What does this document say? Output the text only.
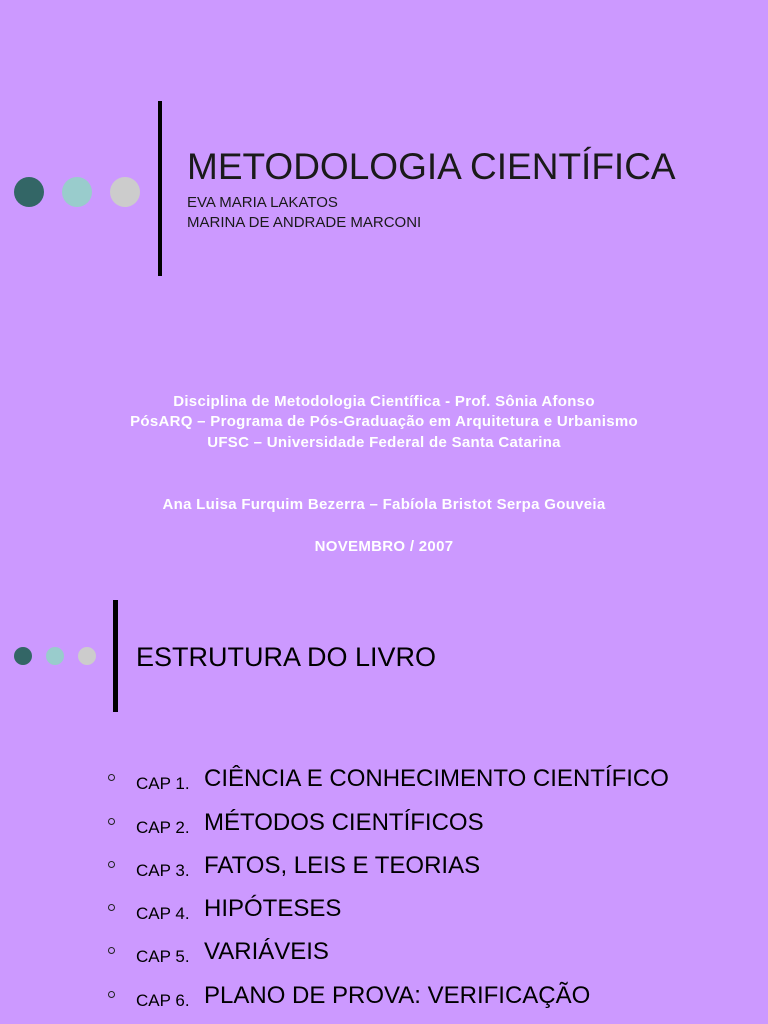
METODOLOGIA CIENTÍFICA
EVA MARIA LAKATOS
MARINA DE ANDRADE MARCONI
Disciplina de Metodologia Científica - Prof. Sônia Afonso
PósARQ – Programa de Pós-Graduação em Arquitetura e Urbanismo
UFSC – Universidade Federal de Santa Catarina
Ana Luisa Furquim Bezerra – Fabíola Bristot Serpa Gouveia
NOVEMBRO / 2007
ESTRUTURA DO LIVRO
CAP 1. CIÊNCIA E CONHECIMENTO CIENTÍFICO
CAP 2. MÉTODOS CIENTÍFICOS
CAP 3. FATOS, LEIS E TEORIAS
CAP 4. HIPÓTESES
CAP 5. VARIÁVEIS
CAP 6. PLANO DE PROVA: VERIFICAÇÃO
